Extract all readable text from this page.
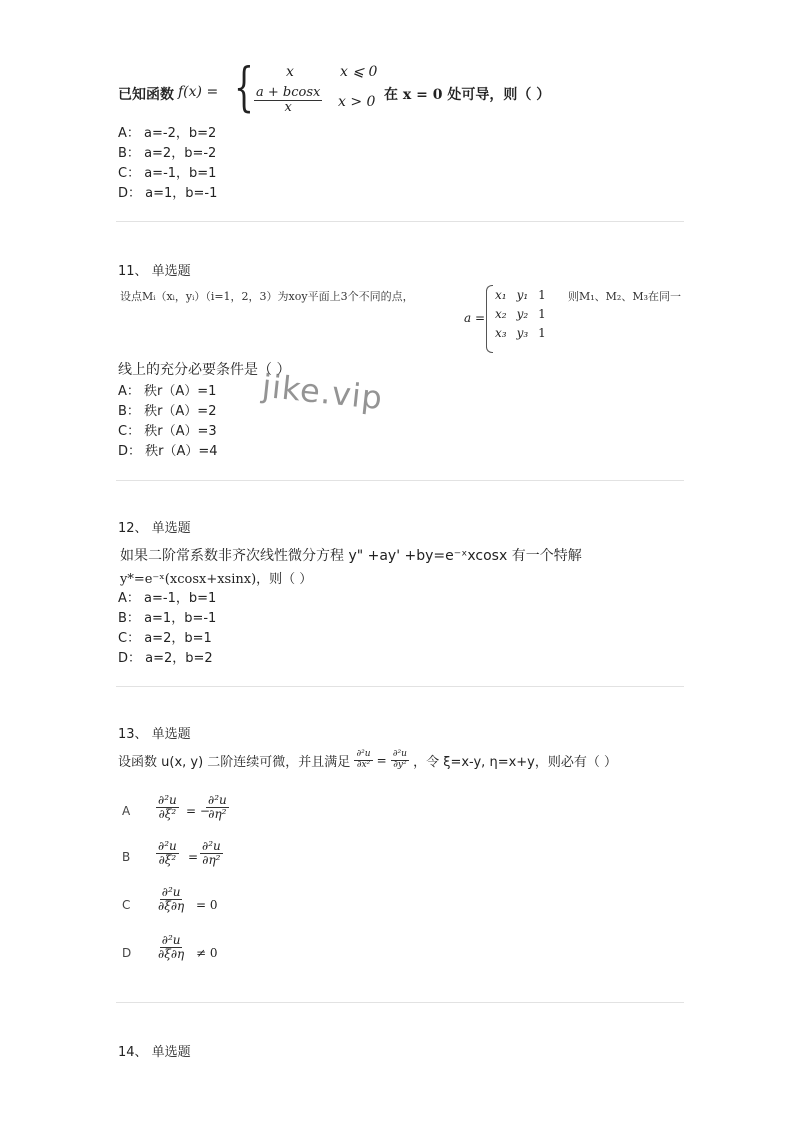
已知函数 f(x) = { x	x ⩽ 0
$\frac{a + bcosx}{x}$ x > 0 在 x = 0 处可导，则（ ）
A： a=-2，b=2
B： a=2，b=-2
C： a=-1，b=1
D： a=1，b=-1
11、 单选题
设点Mᵢ（xᵢ，yᵢ）（i=1，2，3）为xoy平面上3个不同的点，
a =
x₁	y₁	1
x₂	y₂	1
x₃	y₃	1
则M₁、M₂、M₃在同一
线上的充分必要条件是（ ）
A： 秩r（A）=1
B： 秩r（A）=2
C： 秩r（A）=3
D： 秩r（A）=4
jike.vip
12、 单选题
如果二阶常系数非齐次线性微分方程 y" +ay' +by=e⁻ˣxcosx 有一个特解
y*=e⁻ˣ(xcosx+xsinx)，则（ ）
A： a=-1，b=1
B： a=1，b=-1
C： a=2，b=1
D： a=2，b=2
13、 单选题
设函数 u(x, y) 二阶连续可微，并且满足 $\frac{\text{∂²u}}{\text{∂x²}} = \frac{\text{∂²u}}{\text{∂y²}}$ ，令 ξ=x-y, η=x+y，则必有（ ）
A $\frac{\text{∂²u}}{\text{∂ξ²}}$ = −
$\frac{\text{∂²u}}{\text{∂η²}}$
B $\frac{\text{∂²u}}{\text{∂ξ²}} = \frac{\text{∂²u}}{\text{∂η²}}$
C $\frac{\text{∂²u}}{\partial\xi\partial\eta} = 0$
D $\frac{\text{∂²u}}{\partial\xi\partial\eta} \ne 0$
14、 单选题
